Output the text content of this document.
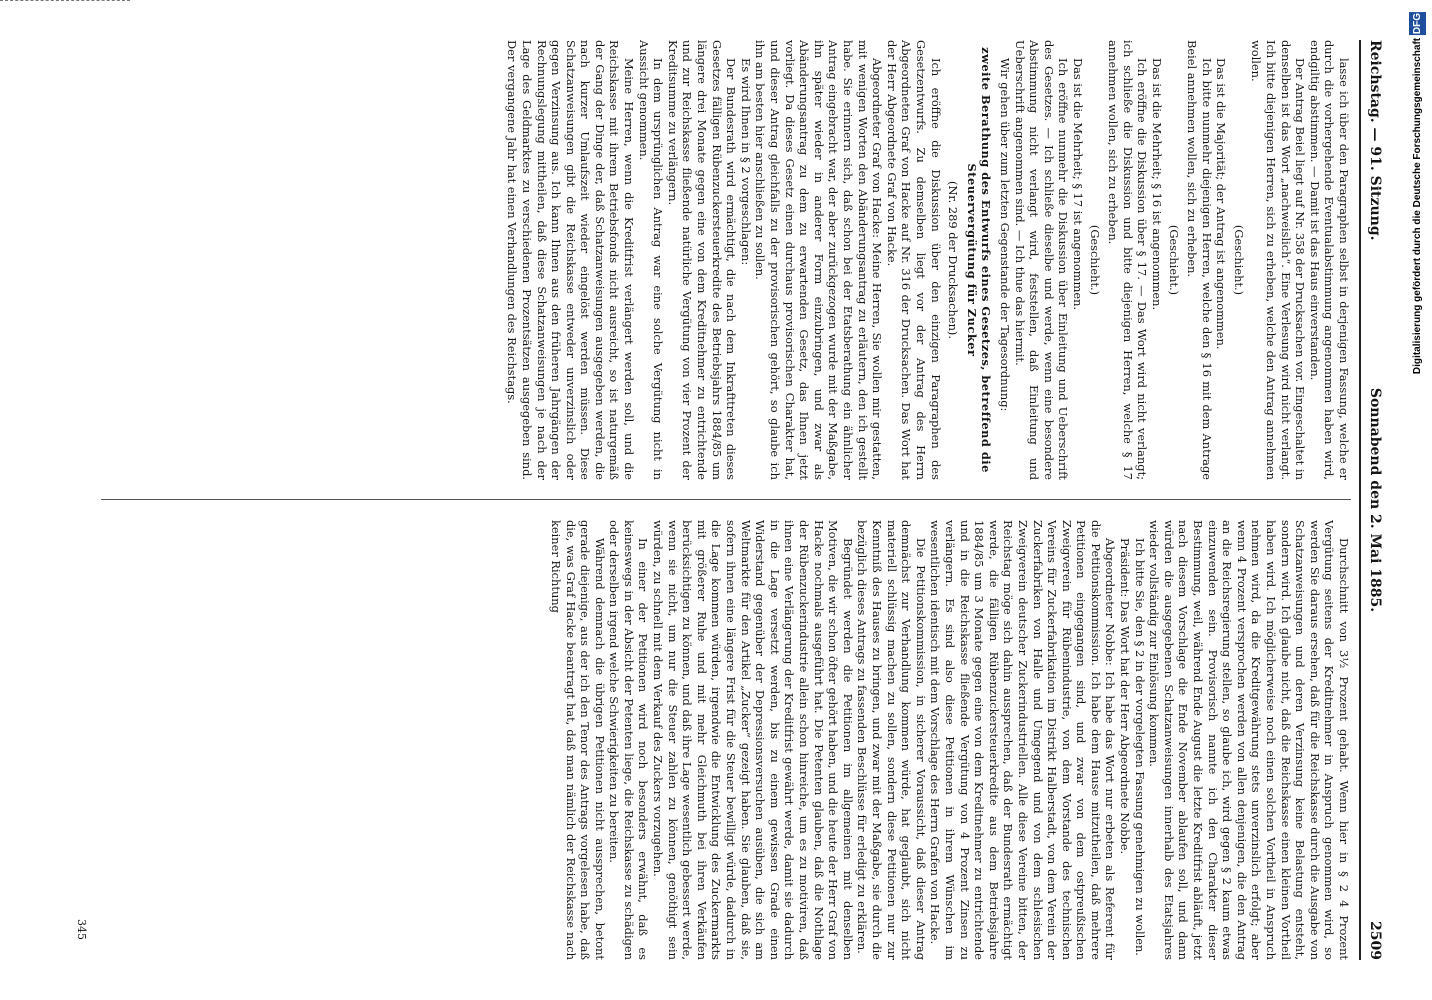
Reichstag. — 91. Sitzung.
Sonnabend den 2. Mai 1885.
2509

lasse ich über den Paragraphen selbst in derjenigen Fassung, welche er durch die vorhergehende Eventualabstimmung angenommen haben wird, endgiltig abstimmen. — Damit ist das Haus einverstanden.

Der Antrag Beiel liegt auf Nr. 358 der Drucksachen vor. Eingeschaltet in denselben ist das Wort „nachweislich“. Eine Verlesung wird nicht verlangt. Ich bitte diejenigen Herren, sich zu erheben, welche den Antrag annehmen wollen.

(Geschieht.)

Das ist die Majorität; der Antrag ist angenommen.

Ich bitte nunmehr diejenigen Herren, welche den § 16 mit dem Antrage Beiel annehmen wollen, sich zu erheben.

(Geschieht.)

Das ist die Mehrheit; § 16 ist angenommen.

Ich eröffne die Diskussion über § 17. — Das Wort wird nicht verlangt; ich schließe die Diskussion und bitte diejenigen Herren, welche § 17 annehmen wollen, sich zu erheben.

(Geschieht.)

Das ist die Mehrheit; § 17 ist angenommen.

Ich eröffne nunmehr die Diskussion über Einleitung und Ueberschrift des Gesetzes. — Ich schließe dieselbe und werde, wenn eine besondere Abstimmung nicht verlangt wird, feststellen, daß Einleitung und Ueberschrift angenommen sind. — Ich thue das hiermit.

Wir gehen über zum letzten Gegenstande der Tagesordnung:

zweite Berathung des Entwurfs eines Gesetzes, betreffend die Steuervergütung für Zucker

(Nr. 289 der Drucksachen).

Ich eröffne die Diskussion über den einzigen Paragraphen des Gesetzentwurfs. Zu demselben liegt vor der Antrag des Herrn Abgeordneten Graf von Hacke auf Nr. 316 der Drucksachen. Das Wort hat der Herr Abgeordnete Graf von Hacke.

Abgeordneter Graf von Hacke: Meine Herren, Sie wollen mir gestatten, mit wenigen Worten den Abänderungsantrag zu erläutern, den ich gestellt habe. Sie erinnern sich, daß schon bei der Etatsberathung ein ähnlicher Antrag eingebracht war, der aber zurückgezogen wurde mit der Maßgabe, ihn später wieder in anderer Form einzubringen, und zwar als Abänderungsantrag zu dem zu erwartenden Gesetz, das Ihnen jetzt vorliegt. Da dieses Gesetz einen durchaus provisorischen Charakter hat, und dieser Antrag gleichfalls zu der provisorischen gehört, so glaube ich ihn am besten hier anschließen zu sollen.

Es wird Ihnen in § 2 vorgeschlagen:

Der Bundesrath wird ermächtigt, die nach dem Inkrafttreten dieses Gesetzes fälligen Rübenzuckersteuerkredite des Betriebsjahrs 1884/85 um längere drei Monate gegen eine von dem Kreditnehmer zu entrichtende und zur Reichskasse fließende natürliche Vergütung von vier Prozent der Kreditsumme zu verlängern.

In dem ursprünglichen Antrag war eine solche Vergütung nicht in Aussicht genommen.

Meine Herren, wenn die Kreditfrist verlängert werden soll, und die Reichskasse mit ihrem Betriebsfonds nicht ausreicht, so ist naturgemäß der Gang der Dinge der, daß Schatzanweisungen ausgegeben werden, die nach kurzer Umlaufszeit wieder eingelöst werden müssen. Diese Schatzanweisungen gibt die Reichskasse entweder unverzinslich oder gegen Verzinsung aus. Ich kann Ihnen aus den früheren Jahrgängen der Rechnungslegung mittheilen, daß diese Schatzanweisungen je nach der Lage des Geldmarktes zu verschiedenen Prozentsätzen ausgegeben sind. Der vergangene Jahr hat einen Verhandlungen des Reichstags.

Durchschnitt von 3½ Prozent gehabt. Wenn hier in § 2 4 Prozent Vergütung seitens der Kreditnehmer in Anspruch genommen wird, so werden Sie daraus ersehen, daß für die Reichskasse durch die Ausgabe von Schatzanweisungen und deren Verzinsung keine Belastung entsteht, sondern wird. Ich glaube nicht, daß die Reichskasse einen kleinen Vortheil haben wird. Ich möglicherweise noch einen solchen Vortheil in Anspruch nehmen wird, da die Kreditgewährung stets unverzinslich erfolgt; aber wenn 4 Prozent versprochen werden von allen denjenigen, die den Antrag an die Reichsregierung stellen, so glaube ich, wird gegen § 2 kaum etwas einzuwenden sein. Provisorisch nannte ich den Charakter dieser Bestimmung, weil, während Ende August die letzte Kreditfrist abläuft, jetzt nach diesem Vorschlage die Ende November ablaufen soll, und dann würden die ausgegebenen Schatzanweisungen innerhalb des Etatsjahres wieder vollständig zur Einlösung kommen.

Ich bitte Sie, den § 2 in der vorgelegten Fassung genehmigen zu wollen.

Präsident: Das Wort hat der Herr Abgeordnete Nobbe.

Abgeordneter Nobbe: Ich habe das Wort nur erbeten als Referent für die Petitionskommission. Ich habe dem Hause mitzutheilen, daß mehrere Petitionen eingegangen sind, und zwar von dem ostpreußischen Zweigverein für Rübenindustrie, von dem Vorstande des technischen Vereins für Zuckerfabrikation im Distrikt Halberstadt, von dem Verein der Zuckerfabriken von Halle und Umgegend und von dem schlesischen Zweigverein deutscher Zuckerindustriellen. Alle diese Vereine bitten, der Reichstag möge sich dahin aussprechen, daß der Bundesrath ermächtigt werde, die fälligen Rübenzuckersteuerkredite aus dem Betriebsjahre 1884/85 um 3 Monate gegen eine von dem Kreditnehmer zu entrichtende und in die Reichskasse fließende Vergütung von 4 Prozent Zinsen zu verlängern. Es sind also diese Petitionen in ihrem Wünschen im wesentlichen identisch mit dem Vorschlage des Herrn Grafen von Hacke.

Die Petitionskommission, in sicherer Voraussicht, daß dieser Antrag demnächst zur Verhandlung kommen würde, hat geglaubt, sich nicht materiell schlüssig machen zu sollen, sondern diese Petitionen nur zur Kenntniß des Hauses zu bringen, und zwar mit der Maßgabe, sie durch die bezüglich dieses Antrags zu fassenden Beschlüsse für erledigt zu erklären.

Begründet werden die Petitionen im allgemeinen mit denselben Motiven, die wir schon öfter gehört haben, und die heute der Herr Graf von Hacke nochmals ausgeführt hat. Die Petenten glauben, daß die Nothlage der Rübenzuckerindustrie allein schon hinreiche, um es zu motiviren, daß ihnen eine Verlängerung der Kreditfrist gewährt werde, damit sie dadurch in die Lage versetzt werden, bis zu einem gewissen Grade einen Widerstand gegenüber der Depressionsversuchen ausüben, die sich am Weltmarkte für den Artikel „Zucker“ gezeigt haben. Sie glauben, daß sie, sofern ihnen eine längere Frist für die Steuer bewilligt würde, dadurch in die Lage kommen würden, irgendwie die Entwicklung des Zuckermarkts mit größerer Ruhe und mit mehr Gleichmuth bei ihren Verkäufen berücksichtigen zu können, und daß ihre Lage wesentlich gebessert werde, wenn sie nicht, um nur die Steuer zahlen zu können, genöthigt sein würden, zu schnell mit dem Verkauf des Zuckers vorzugehen.

In einer der Petitionen wird noch besonders erwähnt, daß es keineswegs in der Absicht der Petenten liege, die Reichskasse zu schädigen oder derselben irgend welche Schwierigkeiten zu bereiten.

Während demnach die übrigen Petitionen nicht aussprechen, betont gerade diejenige, aus der ich den Tenor des Antrags vorgelesen habe, daß die, was Graf Hacke beantragt hat, daß man nämlich der Reichskasse nach keiner Richtung

345
Digitalisierung gefördert durch die Deutsche Forschungsgemeinschaft DFG
